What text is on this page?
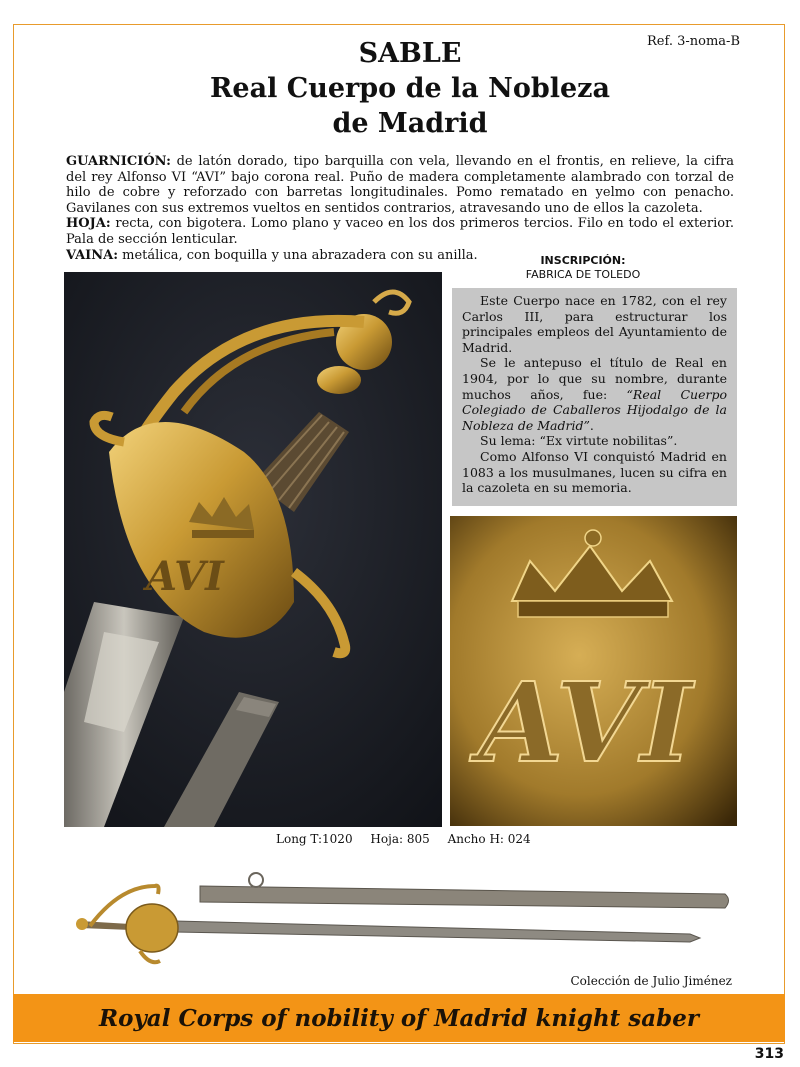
Ref. 3-noma-B
SABLE
Real Cuerpo de la Nobleza
de Madrid

GUARNICIÓN: de latón dorado, tipo barquilla con vela, llevando en el frontis, en relieve, la cifra del rey Alfonso VI “AVI” bajo corona real. Puño de madera completamente alambrado con torzal de hilo de cobre y reforzado con barretas longitudinales. Pomo rematado en yelmo con penacho. Gavilanes con sus extremos vueltos en sentidos contrarios, atravesando uno de ellos la cazoleta.

HOJA: recta, con bigotera. Lomo plano y vaceo en los dos primeros tercios. Filo en todo el exterior. Pala de sección lenticular.

VAINA: metálica, con boquilla y una abrazadera con su anilla.	INSCRIPCIÓN:
FABRICA DE TOLEDO
AVI

Este Cuerpo nace en 1782, con el rey Carlos III, para estructurar los principales empleos del Ayuntamiento de Madrid.

Se le antepuso el título de Real en 1904, por lo que su nombre, durante muchos años, fue: “Real Cuerpo Colegiado de Caballeros Hijodalgo de la Nobleza de Madrid”.

Su lema: “Ex virtute nobilitas”.

Como Alfonso VI conquistó Madrid en 1083 a los musulmanes, lucen su cifra en la cazoleta en su memoria.

AVI
Long T:1020 Hoja: 805 Ancho H: 024
Colección de Julio Jiménez
Royal Corps of nobility of Madrid knight saber
313
